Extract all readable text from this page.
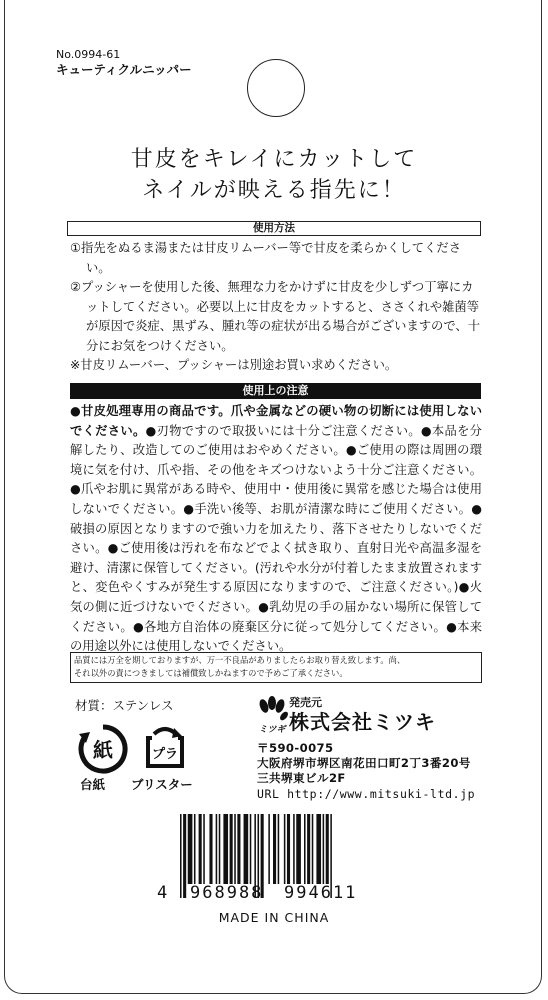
No.0994-61
キューティクルニッパー
甘皮をキレイにカットして
ネイルが映える指先に！
使用方法

①指先をぬるま湯または甘皮リムーバー等で甘皮を柔らかくしてください。

②プッシャーを使用した後、無理な力をかけずに甘皮を少しずつ丁寧にカットしてください。必要以上に甘皮をカットすると、ささくれや雑菌等が原因で炎症、黒ずみ、腫れ等の症状が出る場合がございますので、十分にお気をつけください。

※甘皮リムーバー、プッシャーは別途お買い求めください。

使用上の注意
●甘皮処理専用の商品です。爪や金属などの硬い物の切断には使用しないでください。●刃物ですので取扱いには十分ご注意ください。●本品を分解したり、改造してのご使用はおやめください。●ご使用の際は周囲の環境に気を付け、爪や指、その他をキズつけないよう十分ご注意ください。●爪やお肌に異常がある時や、使用中・使用後に異常を感じた場合は使用しないでください。●手洗い後等、お肌が清潔な時にご使用ください。●破損の原因となりますので強い力を加えたり、落下させたりしないでください。●ご使用後は汚れを布などでよく拭き取り、直射日光や高温多湿を避け、清潔に保管してください。(汚れや水分が付着したまま放置されますと、変色やくすみが発生する原因になりますので、ご注意ください。)●火気の側に近づけないでください。●乳幼児の手の届かない場所に保管してください。●各地方自治体の廃棄区分に従って処分してください。●本来の用途以外には使用しないでください。
品質には万全を期しておりますが、万一不良品がありましたらお取り替え致します。尚、
それ以外の責につきましては補償致しかねますので予めご了承ください。
材質：ステンレス
紙	プラ
台紙 ブリスター
ミツギ
発売元
株式会社ミツキ
〒590-0075
大阪府堺市堺区南花田口町2丁3番20号
三共堺東ビル2F
URL http://www.mitsuki-ltd.jp
4 968988 994611
MADE IN CHINA
